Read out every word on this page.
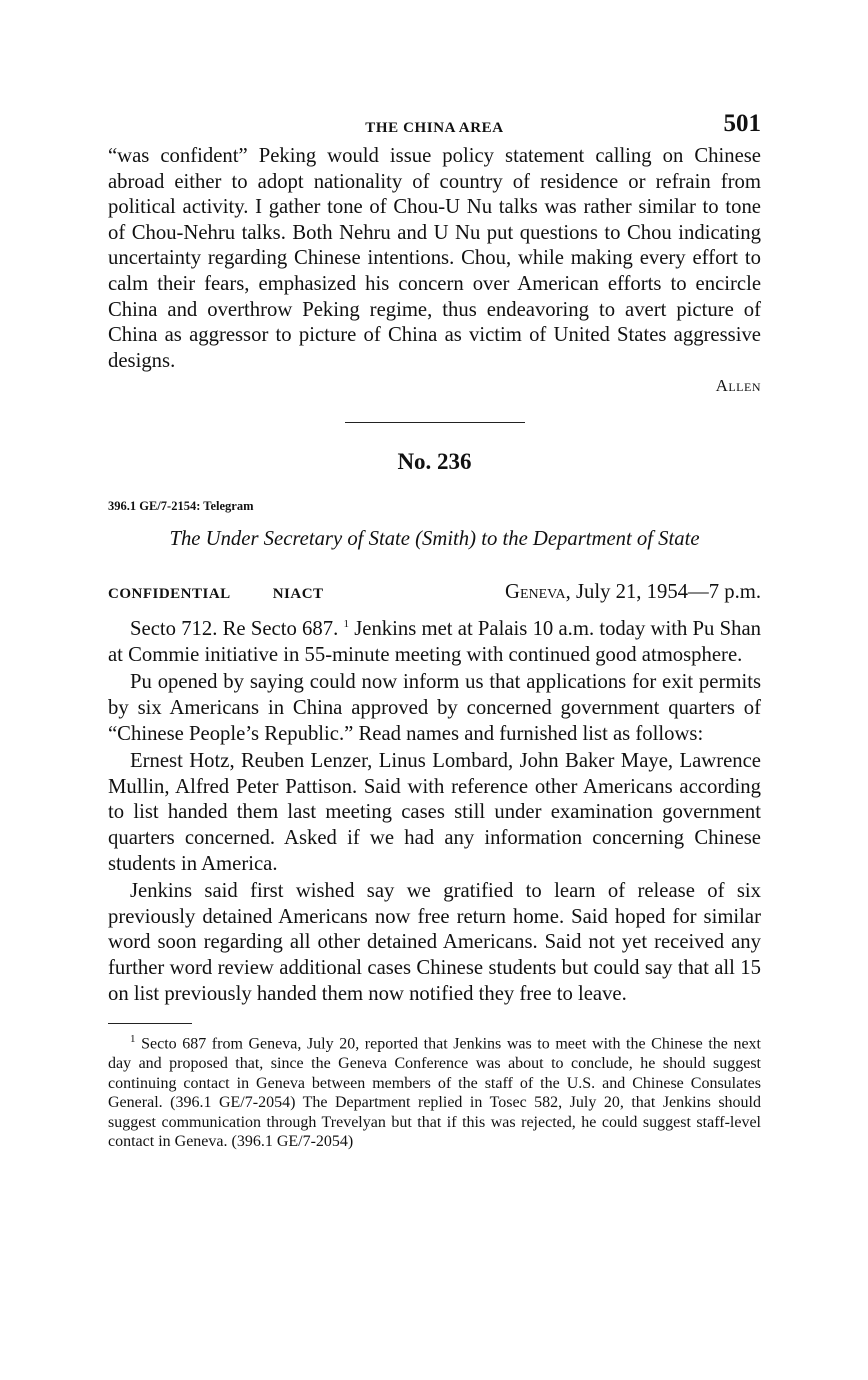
THE CHINA AREA	501

“was confident” Peking would issue policy statement calling on Chinese abroad either to adopt nationality of country of residence or refrain from political activity. I gather tone of Chou-U Nu talks was rather similar to tone of Chou-Nehru talks. Both Nehru and U Nu put questions to Chou indicating uncertainty regarding Chinese intentions. Chou, while making every effort to calm their fears, emphasized his concern over American efforts to encircle China and overthrow Peking regime, thus endeavoring to avert picture of China as aggressor to picture of China as victim of United States aggressive designs.

Allen
No. 236
396.1 GE/7-2154: Telegram
The Under Secretary of State (Smith) to the Department of State
CONFIDENTIAL	NIACT	Geneva, July 21, 1954—7 p.m.

Secto 712. Re Secto 687. $^1$ Jenkins met at Palais 10 a.m. today with Pu Shan at Commie initiative in 55-minute meeting with continued good atmosphere.

Pu opened by saying could now inform us that applications for exit permits by six Americans in China approved by concerned government quarters of “Chinese People’s Republic.” Read names and furnished list as follows:

Ernest Hotz, Reuben Lenzer, Linus Lombard, John Baker Maye, Lawrence Mullin, Alfred Peter Pattison. Said with reference other Americans according to list handed them last meeting cases still under examination government quarters concerned. Asked if we had any information concerning Chinese students in America.

Jenkins said first wished say we gratified to learn of release of six previously detained Americans now free return home. Said hoped for similar word soon regarding all other detained Americans. Said not yet received any further word review additional cases Chinese students but could say that all 15 on list previously handed them now notified they free to leave.

$^1$ Secto 687 from Geneva, July 20, reported that Jenkins was to meet with the Chinese the next day and proposed that, since the Geneva Conference was about to conclude, he should suggest continuing contact in Geneva between members of the staff of the U.S. and Chinese Consulates General. (396.1 GE/7-2054) The Department replied in Tosec 582, July 20, that Jenkins should suggest communication through Trevelyan but that if this was rejected, he could suggest staff-level contact in Geneva. (396.1 GE/7-2054)
